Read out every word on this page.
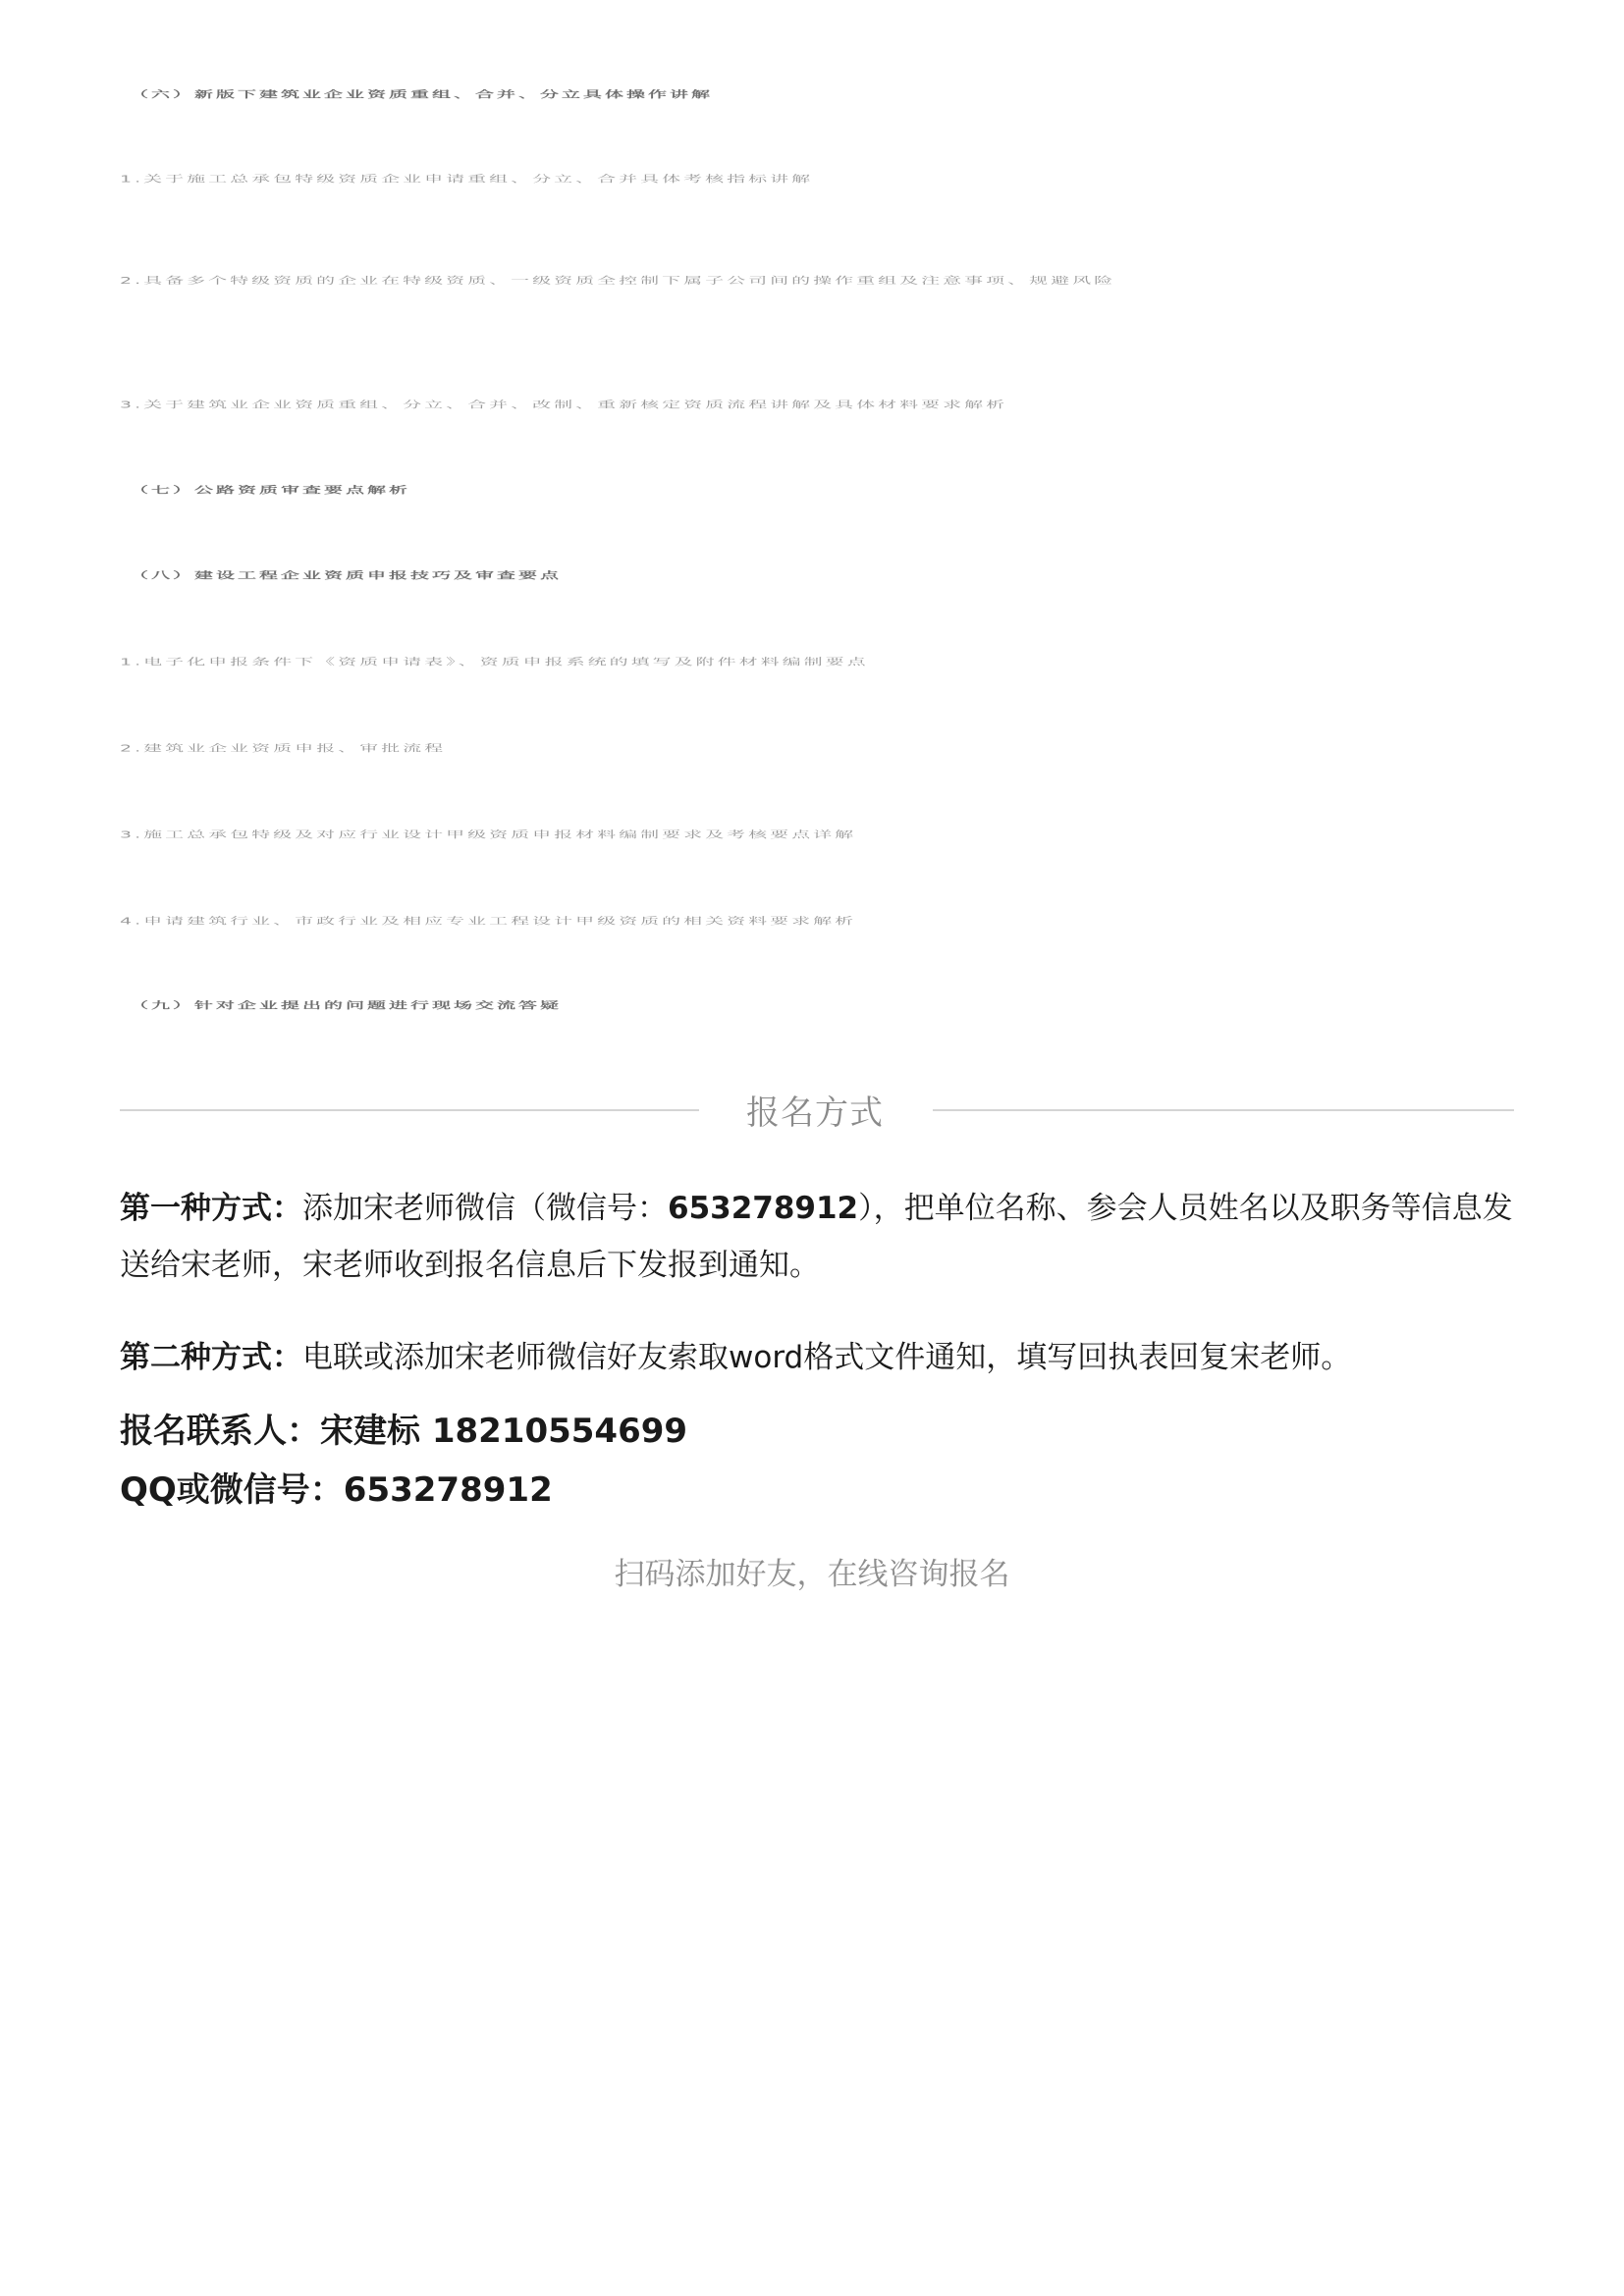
（六）新版下建筑业企业资质重组、合并、分立具体操作讲解
1.关于施工总承包特级资质企业申请重组、分立、合并具体考核指标讲解
2.具备多个特级资质的企业在特级资质、一级资质全控制下属子公司间的操作重组及注意事项、规避风险
3.关于建筑业企业资质重组、分立、合并、改制、重新核定资质流程讲解及具体材料要求解析
（七）公路资质审查要点解析
（八）建设工程企业资质申报技巧及审查要点
1.电子化申报条件下《资质申请表》、资质申报系统的填写及附件材料编制要点
2.建筑业企业资质申报、审批流程
3.施工总承包特级及对应行业设计甲级资质申报材料编制要求及考核要点详解
4.申请建筑行业、市政行业及相应专业工程设计甲级资质的相关资料要求解析
（九）针对企业提出的问题进行现场交流答疑
报名方式
第一种方式：添加宋老师微信（微信号：653278912），把单位名称、参会人员姓名以及职务等信息发送给宋老师，宋老师收到报名信息后下发报到通知。
第二种方式：电联或添加宋老师微信好友索取word格式文件通知，填写回执表回复宋老师。
报名联系人：宋建标 18210554699
QQ或微信号：653278912
扫码添加好友，在线咨询报名
